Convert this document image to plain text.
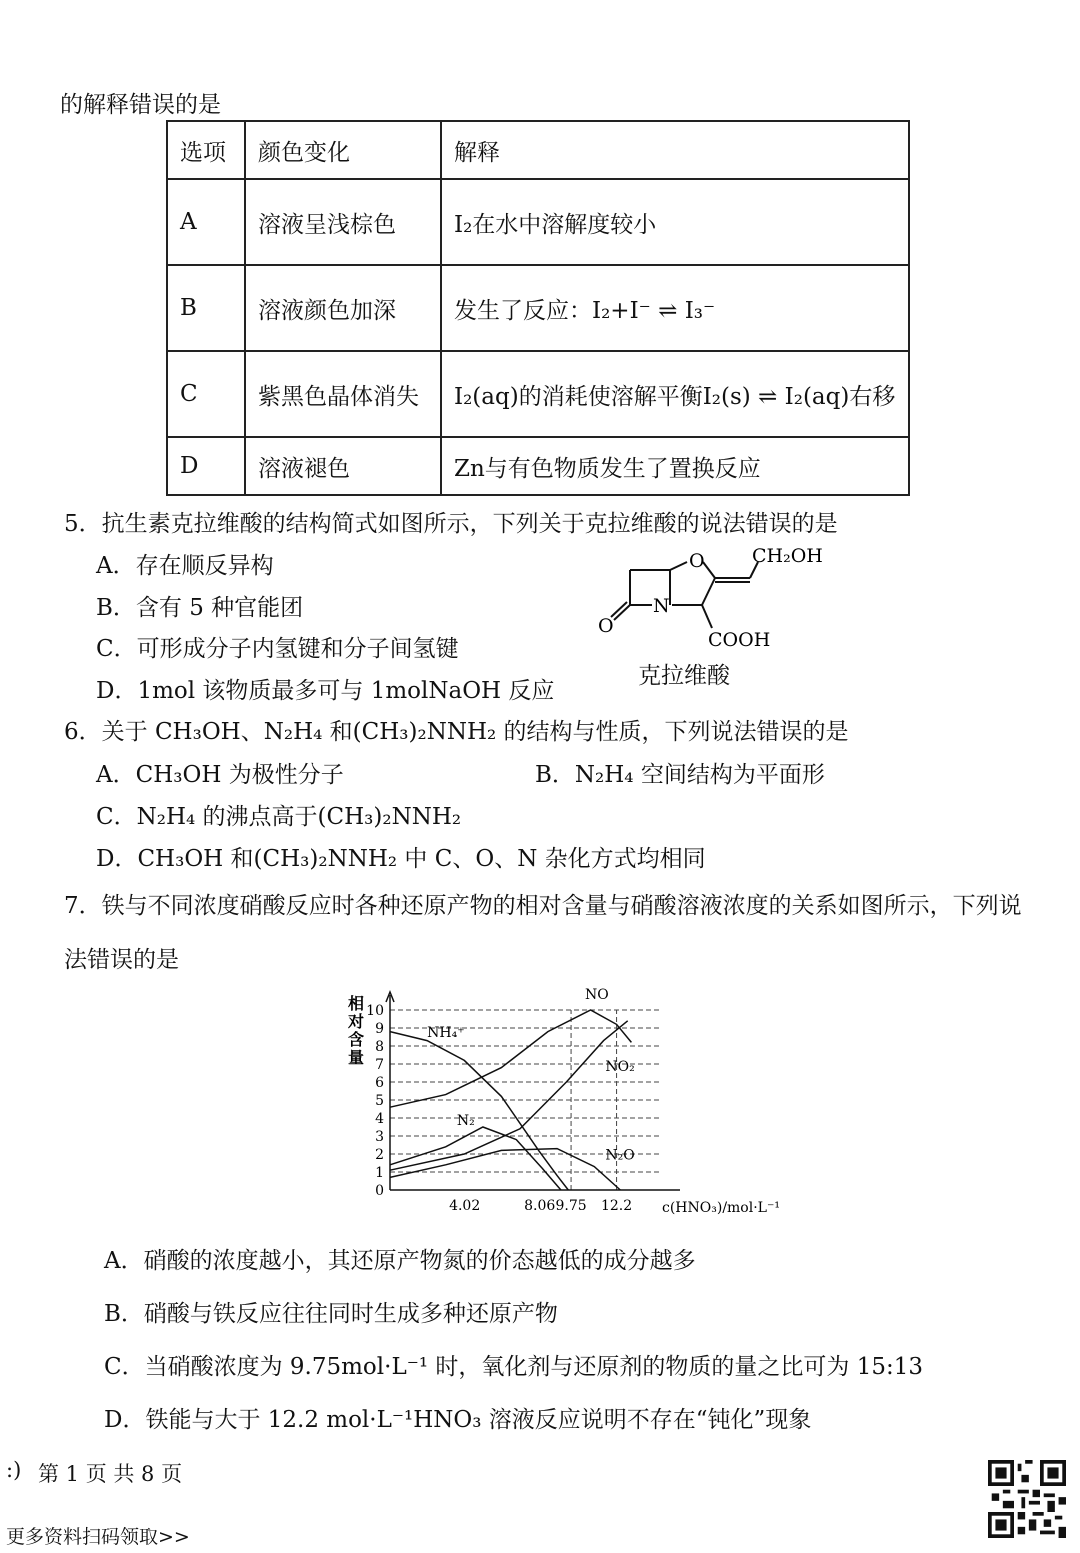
的解释错误的是
选项	颜色变化	解释
A	溶液呈浅棕色	I₂在水中溶解度较小
B	溶液颜色加深	发生了反应：I₂+I⁻ ⇌ I₃⁻
C	紫黑色晶体消失	I₂(aq)的消耗使溶解平衡I₂(s) ⇌ I₂(aq)右移
D	溶液褪色	Zn与有色物质发生了置换反应
5．抗生素克拉维酸的结构简式如图所示，下列关于克拉维酸的说法错误的是
A．存在顺反异构
B．含有 5 种官能团
C．可形成分子内氢键和分子间氢键
D．1mol 该物质最多可与 1molNaOH 反应
O
N
O
CH₂OH
COOH
克拉维酸
6．关于 CH₃OH、N₂H₄ 和(CH₃)₂NNH₂ 的结构与性质，下列说法错误的是
A．CH₃OH 为极性分子	B．N₂H₄ 空间结构为平面形
C．N₂H₄ 的沸点高于(CH₃)₂NNH₂
D．CH₃OH 和(CH₃)₂NNH₂ 中 C、O、N 杂化方式均相同
7．铁与不同浓度硝酸反应时各种还原产物的相对含量与硝酸溶液浓度的关系如图所示，下列说
法错误的是
0
1
2
3
4
5
6
7
8
9
10
4.02	8.06 9.75 12.2 c(HNO₃)/mol·L⁻¹
相
对
含
量
NH₄⁺
NO
NO₂
N₂
N₂O
A．硝酸的浓度越小，其还原产物氮的价态越低的成分越多
B．硝酸与铁反应往往同时生成多种还原产物
C．当硝酸浓度为 9.75mol·L⁻¹ 时，氧化剂与还原剂的物质的量之比可为 15:13
D．铁能与大于 12.2 mol·L⁻¹HNO₃ 溶液反应说明不存在“钝化”现象
:) 第 1 页 共 8 页
更多资料扫码领取>>
